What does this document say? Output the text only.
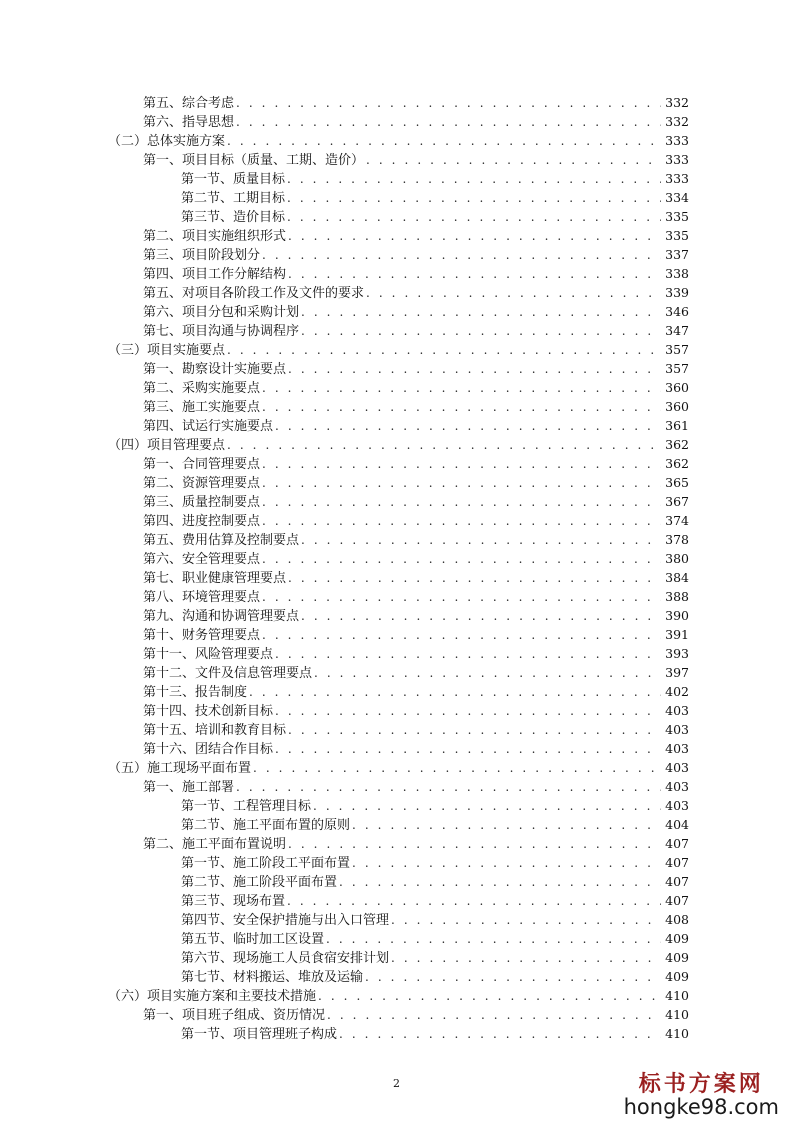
第五、综合考虑 . . .	332
第六、指导思想 . . .	332
（二）总体实施方案 . . .	333
第一、项目目标（质量、工期、造价） . . .	333
第一节、质量目标 . . .	333
第二节、工期目标 . . .	334
第三节、造价目标 . . .	335
第二、项目实施组织形式 . . .	335
第三、项目阶段划分 . . .	337
第四、项目工作分解结构 . . .	338
第五、对项目各阶段工作及文件的要求 . . .	339
第六、项目分包和采购计划 . . .	346
第七、项目沟通与协调程序 . . .	347
（三）项目实施要点 . . .	357
第一、勘察设计实施要点 . . .	357
第二、采购实施要点 . . .	360
第三、施工实施要点 . . .	360
第四、试运行实施要点 . . .	361
（四）项目管理要点 . . .	362
第一、合同管理要点 . . .	362
第二、资源管理要点 . . .	365
第三、质量控制要点 . . .	367
第四、进度控制要点 . . .	374
第五、费用估算及控制要点 . . .	378
第六、安全管理要点 . . .	380
第七、职业健康管理要点 . . .	384
第八、环境管理要点 . . .	388
第九、沟通和协调管理要点 . . .	390
第十、财务管理要点 . . .	391
第十一、风险管理要点 . . .	393
第十二、文件及信息管理要点 . . .	397
第十三、报告制度 . . .	402
第十四、技术创新目标 . . .	403
第十五、培训和教育目标 . . .	403
第十六、团结合作目标 . . .	403
（五）施工现场平面布置 . . .	403
第一、施工部署 . . .	403
第一节、工程管理目标 . . .	403
第二节、施工平面布置的原则 . . .	404
第二、施工平面布置说明 . . .	407
第一节、施工阶段工平面布置 . . .	407
第二节、施工阶段平面布置 . . .	407
第三节、现场布置 . . .	407
第四节、安全保护措施与出入口管理 . . .	408
第五节、临时加工区设置 . . .	409
第六节、现场施工人员食宿安排计划 . . .	409
第七节、材料搬运、堆放及运输 . . .	409
（六）项目实施方案和主要技术措施 . . .	410
第一、项目班子组成、资历情况 . . .	410
第一节、项目管理班子构成 . . .	410
2	标书方案网
hongke98.com
